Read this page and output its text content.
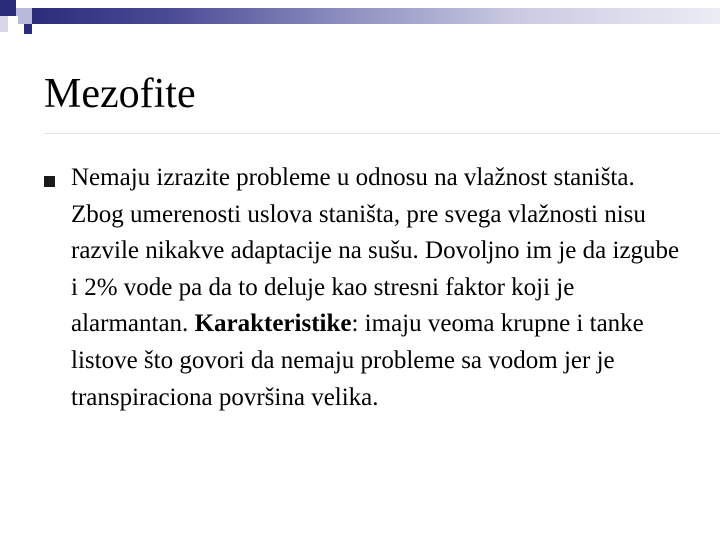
Mezofite

Nemaju izrazite probleme u odnosu na vlažnost staništa. Zbog umerenosti uslova staništa, pre svega vlažnosti nisu razvile nikakve adaptacije na sušu. Dovoljno im je da izgube i 2% vode pa da to deluje kao stresni faktor koji je alarmantan. Karakteristike: imaju veoma krupne i tanke listove što govori da nemaju probleme sa vodom jer je transpiraciona površina velika.
